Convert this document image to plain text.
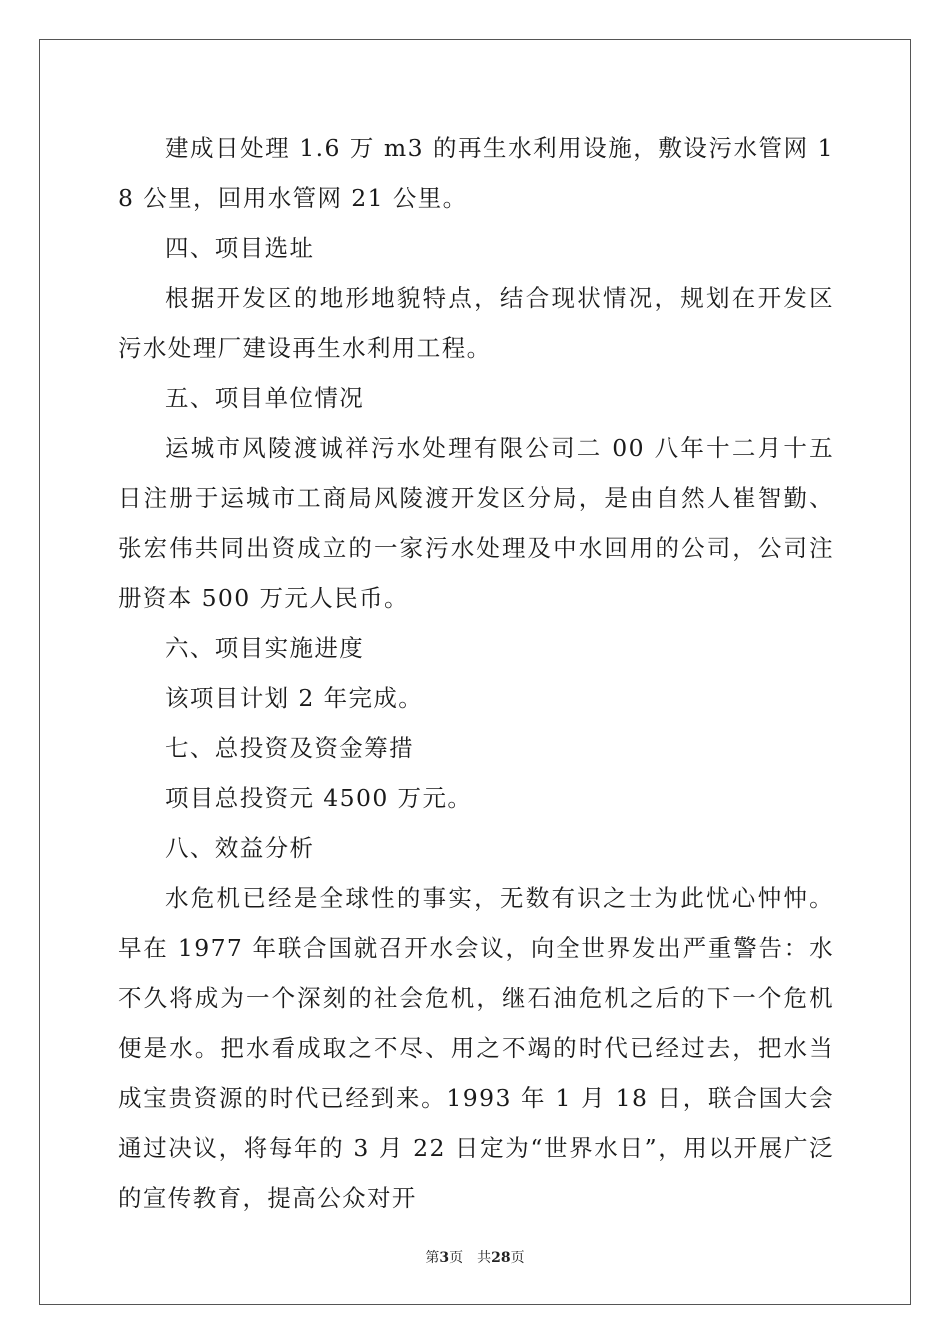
建成日处理 1.6 万 m3 的再生水利用设施，敷设污水管网 18 公里，回用水管网 21 公里。

四、项目选址

根据开发区的地形地貌特点，结合现状情况，规划在开发区污水处理厂建设再生水利用工程。

五、项目单位情况

运城市风陵渡诚祥污水处理有限公司二 00 八年十二月十五日注册于运城市工商局风陵渡开发区分局，是由自然人崔智勤、张宏伟共同出资成立的一家污水处理及中水回用的公司，公司注册资本 500 万元人民币。

六、项目实施进度

该项目计划 2 年完成。

七、总投资及资金筹措

项目总投资元 4500 万元。

八、效益分析

水危机已经是全球性的事实，无数有识之士为此忧心忡忡。早在 1977 年联合国就召开水会议，向全世界发出严重警告：水不久将成为一个深刻的社会危机，继石油危机之后的下一个危机便是水。把水看成取之不尽、用之不竭的时代已经过去，把水当成宝贵资源的时代已经到来。1993 年 1 月 18 日，联合国大会通过决议，将每年的 3 月 22 日定为“世界水日”，用以开展广泛的宣传教育，提高公众对开

第3页 共28页
